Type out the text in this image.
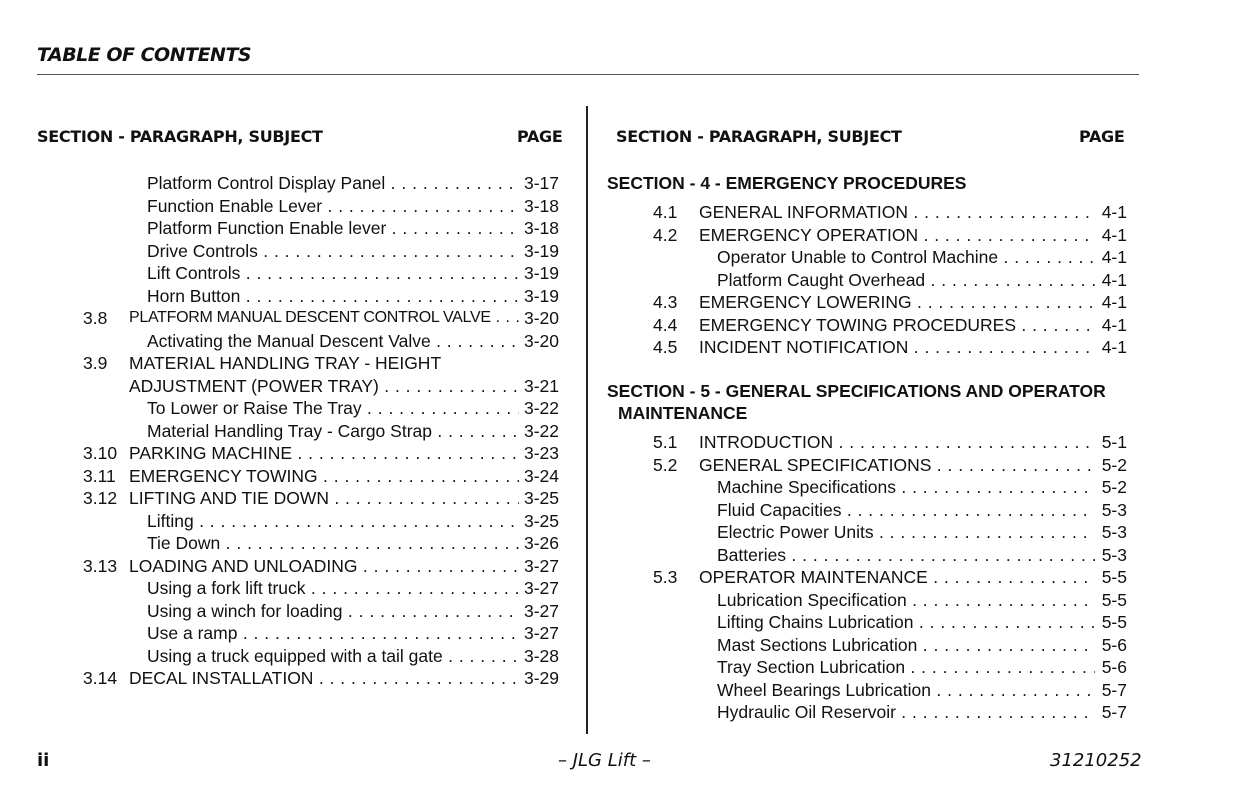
TABLE OF CONTENTS
SECTION - PARAGRAPH, SUBJECT	PAGE	SECTION - PARAGRAPH, SUBJECT	PAGE
Platform Control Display Panel . . .	3-17
Function Enable Lever . . .	3-18
Platform Function Enable lever . . .	3-18
Drive Controls . . .	3-19
Lift Controls . . .	3-19
Horn Button . . .	3-19
3.8 PLATFORM MANUAL DESCENT CONTROL VALVE . . .	3-20
Activating the Manual Descent Valve . . .	3-20
3.9 MATERIAL HANDLING TRAY - HEIGHT
ADJUSTMENT (POWER TRAY) . . .	3-21
To Lower or Raise The Tray . . .	3-22
Material Handling Tray - Cargo Strap . . .	3-22
3.10 PARKING MACHINE . . .	3-23
3.11 EMERGENCY TOWING . . .	3-24
3.12 LIFTING AND TIE DOWN . . .	3-25
Lifting . . .	3-25
Tie Down . . .	3-26
3.13 LOADING AND UNLOADING . . .	3-27
Using a fork lift truck . . .	3-27
Using a winch for loading . . .	3-27
Use a ramp . . .	3-27
Using a truck equipped with a tail gate . . .	3-28
3.14 DECAL INSTALLATION . . .	3-29
SECTION - 4 - EMERGENCY PROCEDURES
4.1 GENERAL INFORMATION . . .	4-1
4.2 EMERGENCY OPERATION . . .	4-1
Operator Unable to Control Machine . . .	4-1
Platform Caught Overhead . . .	4-1
4.3 EMERGENCY LOWERING . . .	4-1
4.4 EMERGENCY TOWING PROCEDURES . . .	4-1
4.5 INCIDENT NOTIFICATION . . .	4-1
SECTION - 5 - GENERAL SPECIFICATIONS AND OPERATOR
MAINTENANCE
5.1 INTRODUCTION . . .	5-1
5.2 GENERAL SPECIFICATIONS . . .	5-2
Machine Specifications . . .	5-2
Fluid Capacities . . .	5-3
Electric Power Units . . .	5-3
Batteries . . .	5-3
5.3 OPERATOR MAINTENANCE . . .	5-5
Lubrication Specification . . .	5-5
Lifting Chains Lubrication . . .	5-5
Mast Sections Lubrication . . .	5-6
Tray Section Lubrication . . .	5-6
Wheel Bearings Lubrication . . .	5-7
Hydraulic Oil Reservoir . . .	5-7
ii	– JLG Lift –	31210252
